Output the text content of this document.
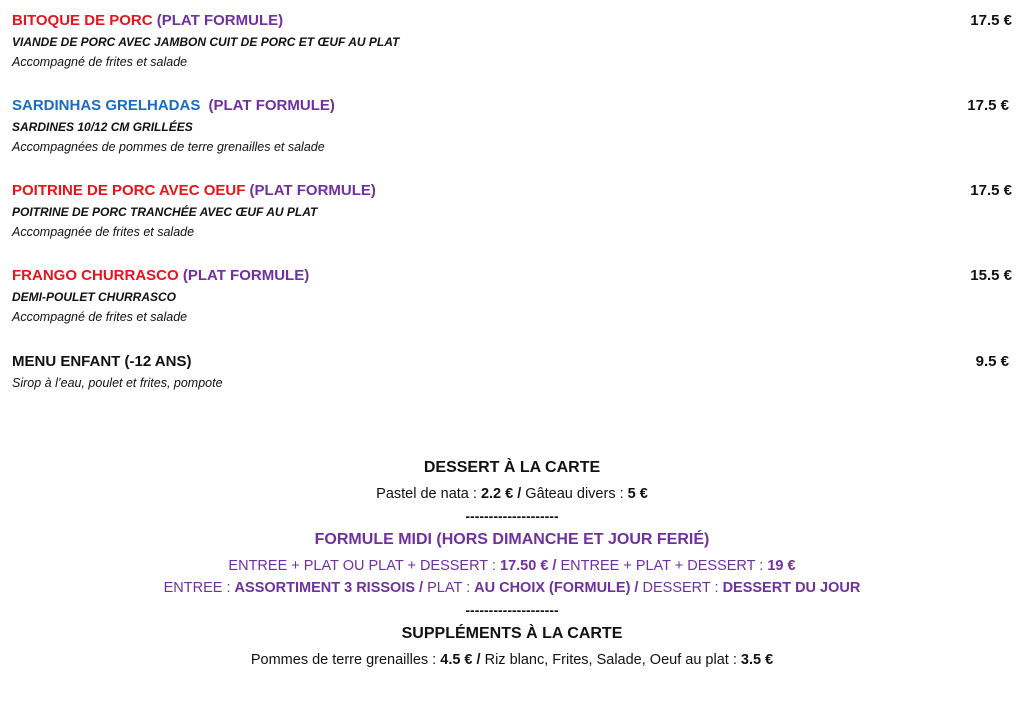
BITOQUE DE PORC (PLAT FORMULE)	17.5 €
VIANDE DE PORC AVEC JAMBON CUIT DE PORC ET ŒUF AU PLAT
Accompagné de frites et salade
SARDINHAS GRELHADAS (PLAT FORMULE)	17.5 €
SARDINES 10/12 CM GRILLÉES
Accompagnées de pommes de terre grenailles et salade
POITRINE DE PORC AVEC OEUF (PLAT FORMULE)	17.5 €
POITRINE DE PORC TRANCHÉE AVEC ŒUF AU PLAT
Accompagnée de frites et salade
FRANGO CHURRASCO (PLAT FORMULE)	15.5 €
DEMI-POULET CHURRASCO
Accompagné de frites et salade
MENU ENFANT (-12 ANS)	9.5 €
Sirop à l’eau, poulet et frites, pompote
DESSERT À LA CARTE
Pastel de nata : 2.2 € / Gâteau divers : 5 €
--------------------
FORMULE MIDI (HORS DIMANCHE ET JOUR FERIÉ)
ENTREE + PLAT OU PLAT + DESSERT : 17.50 € / ENTREE + PLAT + DESSERT : 19 €
ENTREE : ASSORTIMENT 3 RISSOIS / PLAT : AU CHOIX (FORMULE) / DESSERT : DESSERT DU JOUR
--------------------
SUPPLÉMENTS À LA CARTE
Pommes de terre grenailles : 4.5 € / Riz blanc, Frites, Salade, Oeuf au plat : 3.5 €
